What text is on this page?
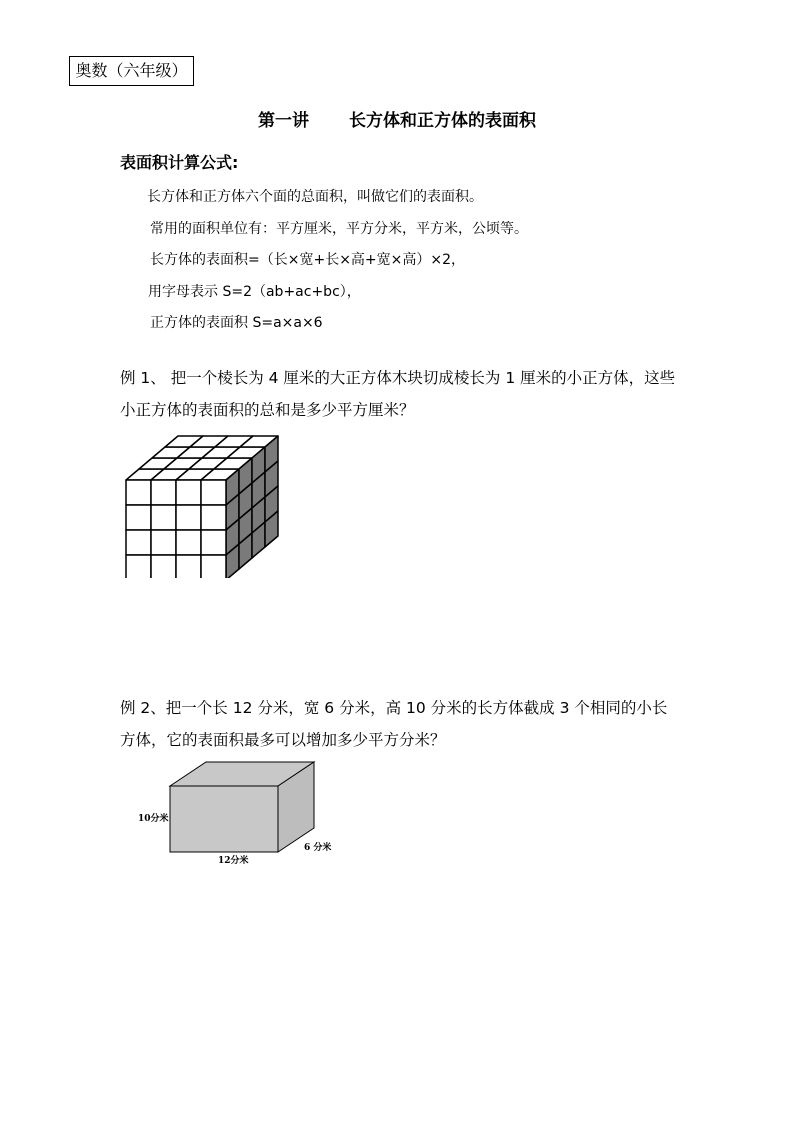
奥数（六年级）
第一讲 长方体和正方体的表面积
表面积计算公式:
长方体和正方体六个面的总面积，叫做它们的表面积。
常用的面积单位有：平方厘米，平方分米，平方米，公顷等。
长方体的表面积=（长×宽+长×高+宽×高）×2，
用字母表示 S=2（ab+ac+bc），
正方体的表面积 S=a×a×6
例 1、 把一个棱长为 4 厘米的大正方体木块切成棱长为 1 厘米的小正方体，这些小正方体的表面积的总和是多少平方厘米？
例 2、把一个长 12 分米，宽 6 分米，高 10 分米的长方体截成 3 个相同的小长方体，它的表面积最多可以增加多少平方分米？
10分米
12分米
6 分米
